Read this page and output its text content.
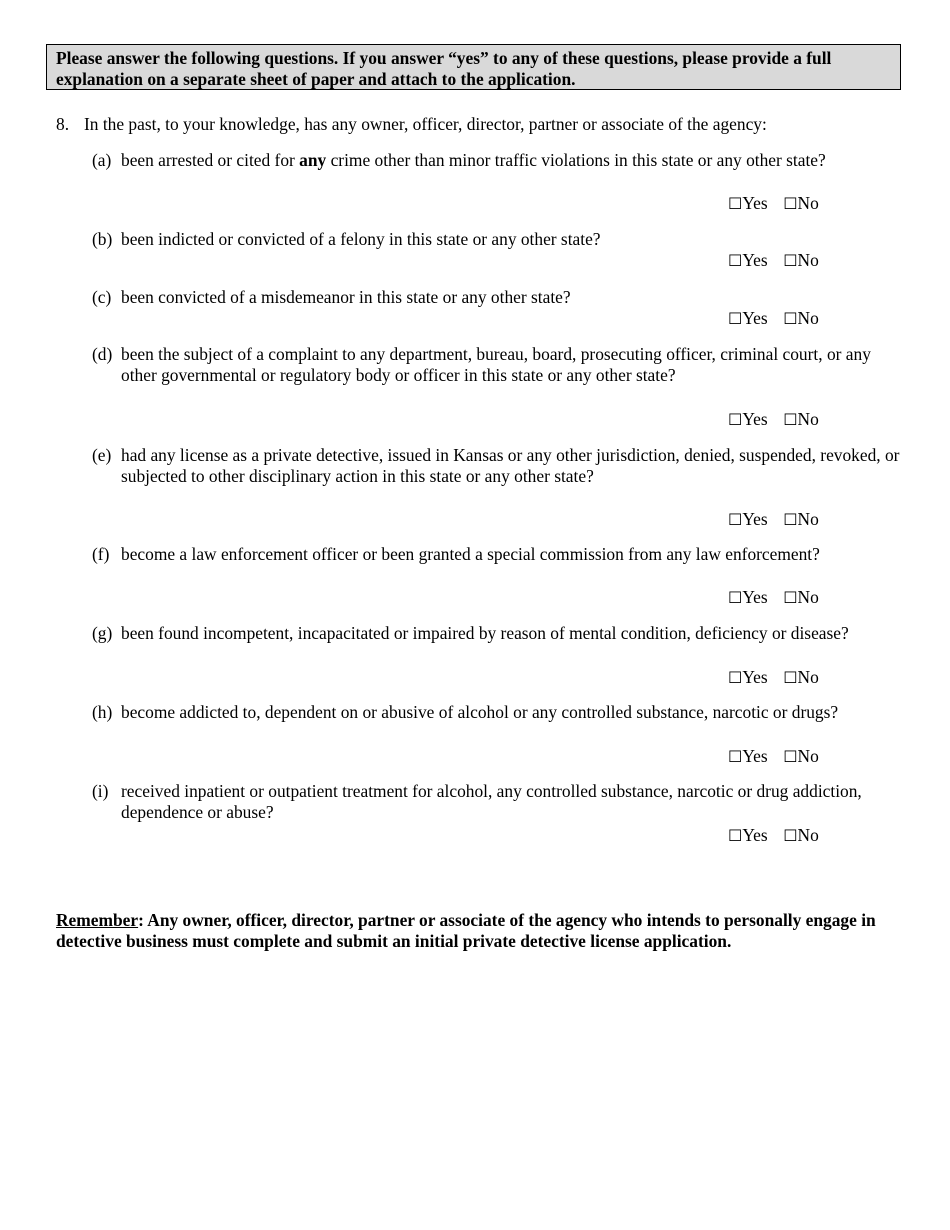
Please answer the following questions. If you answer “yes” to any of these questions, please provide a full explanation on a separate sheet of paper and attach to the application.
8. In the past, to your knowledge, has any owner, officer, director, partner or associate of the agency:
(a) been arrested or cited for any crime other than minor traffic violations in this state or any other state?
☐Yes ☐No
(b) been indicted or convicted of a felony in this state or any other state?
☐Yes ☐No
(c) been convicted of a misdemeanor in this state or any other state?
☐Yes ☐No
(d) been the subject of a complaint to any department, bureau, board, prosecuting officer, criminal court, or any other governmental or regulatory body or officer in this state or any other state?
☐Yes ☐No
(e) had any license as a private detective, issued in Kansas or any other jurisdiction, denied, suspended, revoked, or subjected to other disciplinary action in this state or any other state?
☐Yes ☐No
(f) become a law enforcement officer or been granted a special commission from any law enforcement?
☐Yes ☐No
(g) been found incompetent, incapacitated or impaired by reason of mental condition, deficiency or disease?
☐Yes ☐No
(h) become addicted to, dependent on or abusive of alcohol or any controlled substance, narcotic or drugs?
☐Yes ☐No
(i) received inpatient or outpatient treatment for alcohol, any controlled substance, narcotic or drug addiction, dependence or abuse?
☐Yes ☐No
Remember: Any owner, officer, director, partner or associate of the agency who intends to personally engage in detective business must complete and submit an initial private detective license application.
